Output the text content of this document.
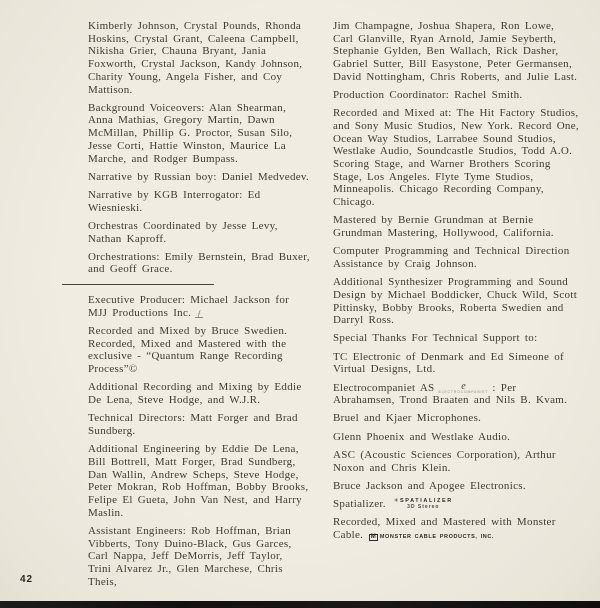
Kimberly Johnson, Crystal Pounds, Rhonda Hoskins, Crystal Grant, Caleena Campbell, Nikisha Grier, Chauna Bryant, Jania Foxworth, Crystal Jackson, Kandy Johnson, Charity Young, Angela Fisher, and Coy Mattison.

Background Voiceovers: Alan Shearman, Anna Mathias, Gregory Martin, Dawn McMillan, Phillip G. Proctor, Susan Silo, Jesse Corti, Hattie Winston, Maurice La Marche, and Rodger Bumpass.

Narrative by Russian boy: Daniel Medvedev.

Narrative by KGB Interrogator: Ed Wiesnieski.

Orchestras Coordinated by Jesse Levy, Nathan Kaproff.

Orchestrations: Emily Bernstein, Brad Buxer, and Geoff Grace.

Executive Producer: Michael Jackson for MJJ Productions Inc. ƒ

Recorded and Mixed by Bruce Swedien. Recorded, Mixed and Mastered with the exclusive - “Quantum Range Recording Process”©

Additional Recording and Mixing by Eddie De Lena, Steve Hodge, and W.J.R.

Technical Directors: Matt Forger and Brad Sundberg.

Additional Engineering by Eddie De Lena, Bill Bottrell, Matt Forger, Brad Sundberg, Dan Wallin, Andrew Scheps, Steve Hodge, Peter Mokran, Rob Hoffman, Bobby Brooks, Felipe El Gueta, John Van Nest, and Harry Maslin.

Assistant Engineers: Rob Hoffman, Brian Vibberts, Tony Duino-Black, Gus Garces, Carl Nappa, Jeff DeMorris, Jeff Taylor, Trini Alvarez Jr., Glen Marchese, Chris Theis,

Jim Champagne, Joshua Shapera, Ron Lowe, Carl Glanville, Ryan Arnold, Jamie Seyberth, Stephanie Gylden, Ben Wallach, Rick Dasher, Gabriel Sutter, Bill Easystone, Peter Germansen, David Nottingham, Chris Roberts, and Julie Last.

Production Coordinator: Rachel Smith.

Recorded and Mixed at: The Hit Factory Studios, and Sony Music Studios, New York. Record One, Ocean Way Studios, Larrabee Sound Studios, Westlake Audio, Soundcastle Studios, Todd A.O. Scoring Stage, and Warner Brothers Scoring Stage, Los Angeles. Flyte Tyme Studios, Minneapolis. Chicago Recording Company, Chicago.

Mastered by Bernie Grundman at Bernie Grundman Mastering, Hollywood, California.

Computer Programming and Technical Direction Assistance by Craig Johnson.

Additional Synthesizer Programming and Sound Design by Michael Boddicker, Chuck Wild, Scott Pittinsky, Bobby Brooks, Roberta Swedien and Darryl Ross.

Special Thanks For Technical Support to:

TC Electronic of Denmark and Ed Simeone of Virtual Designs, Ltd.

Electrocompaniet AS	e
ELECTROCOMPANIET : Per Abrahamsen, Trond Braaten and Nils B. Kvam.

Bruel and Kjaer Microphones.

Glenn Phoenix and Westlake Audio.

ASC (Acoustic Sciences Corporation), Arthur Noxon and Chris Klein.

Bruce Jackson and Apogee Electronics.

Spatializer. ✳SPATIALIZER
3D Stereo

Recorded, Mixed and Mastered with Monster Cable. M MONSTER CABLE PRODUCTS, INC.

42
